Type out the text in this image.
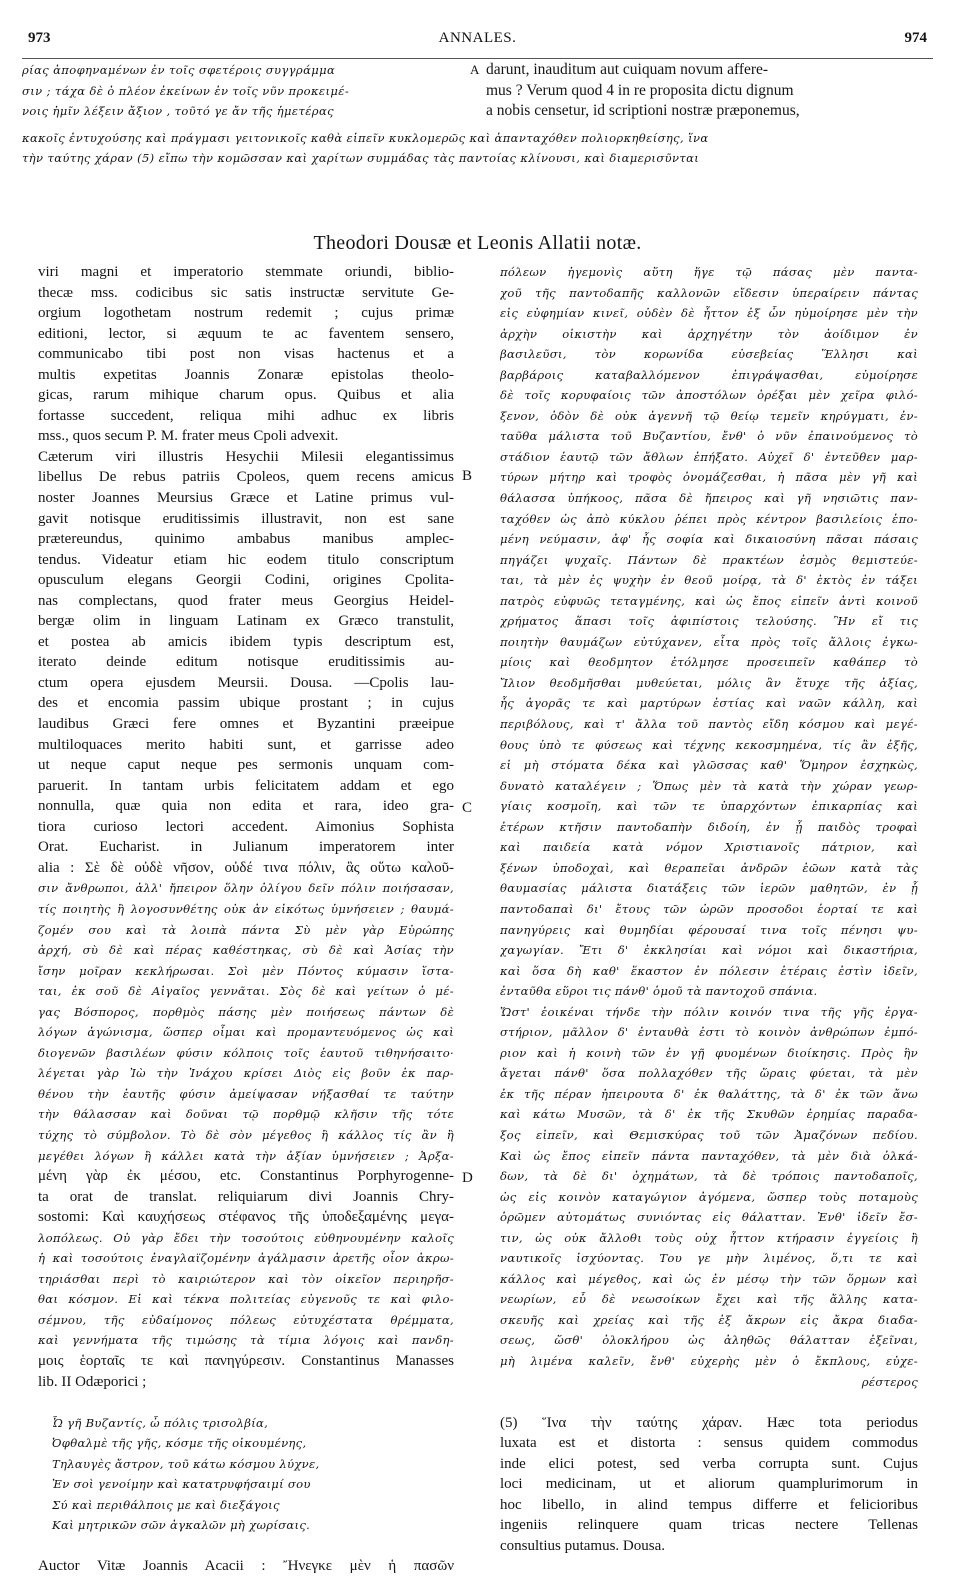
973	ANNALES.	974
ρίας ἀποφηναμένων ἐν τοῖς σφετέροις συγγράμμα	A darunt, inauditum aut cuiquam novum affere-
σιν ; τάχα δὲ ὁ πλέον ἐκείνων ἐν τοῖς νῦν προκειμέ-	mus ? Verum quod 4 in re proposita dictu dignum
νοις ἡμῖν λέξειν ἄξιον , τοῦτό γε ἄν τῆς ἡμετέρας	a nobis censetur, id scriptioni nostræ præponemus,
κακοῖς ἐντυχούσης καὶ πράγμασι γειτονικοῖς καθὰ εἰπεῖν κυκλομερῶς καὶ ἁπανταχόθεν πολιορκηθείσης, ἵνα
τὴν ταύτης χάραν (5) εἴπω τὴν κομῶσσαν καὶ χαρίτων συμμάδας τὰς παντοίας κλίνουσι, καὶ διαμερισῦνται
Theodori Dousæ et Leonis Allatii notæ.
viri magni et imperatorio stemmate oriundi, biblio-
thecæ mss. codicibus sic satis instructæ servitute Ge-
orgium logothetam nostrum redemit ; cujus primæ
editioni, lector, si æquum te ac faventem sensero,
communicabo tibi post non visas hactenus et a
multis expetitas Joannis Zonaræ epistolas theolo-
gicas, rarum mihique charum opus. Quibus et alia
fortasse succedent, reliqua mihi adhuc ex libris
mss., quos secum P. M. frater meus Cpoli advexit.
Cæterum viri illustris Hesychii Milesii elegantissimus
libellus De rebus patriis Cpoleos, quem recens amicus
noster Joannes Meursius Græce et Latine primus vul-
gavit notisque eruditissimis illustravit, non est sane
prætereundus, quinimo ambabus manibus amplec-
tendus. Videatur etiam hic eodem titulo conscriptum
opusculum elegans Georgii Codini, origines Cpolita-
nas complectans, quod frater meus Georgius Heidel-
bergæ olim in linguam Latinam ex Græco transtulit,
et postea ab amicis ibidem typis descriptum est,
iterato deinde editum notisque eruditissimis au-
ctum opera ejusdem Meursii. Dousa. —Cpolis lau-
des et encomia passim ubique prostant ; in cujus
laudibus Græci fere omnes et Byzantini præeipue
multiloquaces merito habiti sunt, et garrisse adeo
ut neque caput neque pes sermonis unquam com-
paruerit. In tantam urbis felicitatem addam et ego
nonnulla, quæ quia non edita et rara, ideo gra-
tiora curioso lectori accedent. Aimonius Sophista
Orat. Eucharist. in Julianum imperatorem inter
alia : Σὲ δὲ οὐδὲ νῆσον, οὐδέ τινα πόλιν, ἃς οὕτω καλοῦ-
σιν ἄνθρωποι, ἀλλ' ἤπειρον ὅλην ὀλίγου δεῖν πόλιν ποιήσασαν,
τίς ποιητὴς ἢ λογοσυνθέτης οὐκ ἀν εἰκότως ὑμνήσειεν ; θαυμά-
ζομέν σου καὶ τὰ λοιπὰ πάντα Σὺ μὲν γὰρ Εὐρώπης
ἀρχή, σὺ δὲ καὶ πέρας καθέστηκας, σὺ δὲ καὶ Ἀσίας τὴν
ἴσην μοῖραν κεκλήρωσαι. Σοὶ μὲν Πόντος κύμασιν ἵστα-
ται, ἐκ σοῦ δὲ Αἰγαῖος γεννᾶται. Σὸς δὲ καὶ γείτων ὁ μέ-
γας Βόσπορος, πορθμὸς πάσης μὲν ποιήσεως πάντων δὲ
λόγων ἀγώνισμα, ὥσπερ οἶμαι καὶ προμαντευόμενος ὡς καὶ
διογενῶν βασιλέων φύσιν κόλποις τοῖς ἑαυτοῦ τιθηνήσαιτο·
λέγεται γὰρ Ἰὼ τὴν Ἰνάχου κρίσει Διὸς εἰς βοῦν ἐκ παρ-
θένου τὴν ἑαυτῆς φύσιν ἀμείψασαν νήξασθαί τε ταύτην
τὴν θάλασσαν καὶ δοῦναι τῷ πορθμῷ κλῆσιν τῆς τότε
τύχης τὸ σύμβολον. Τὸ δὲ σὸν μέγεθος ἢ κάλλος τίς ἂν ἢ
μεγέθει λόγων ἢ κάλλει κατὰ τὴν ἀξίαν ὑμνήσειεν ; Ἀρξα-
μένη γὰρ ἐκ μέσου, etc. Constantinus Porphyrogenne-
ta orat de translat. reliquiarum divi Joannis Chry-
sostomi: Καὶ καυχήσεως στέφανος τῆς ὑποδεξαμένης μεγα-
λοπόλεως. Οὐ γὰρ ἔδει τὴν τοσούτοις εὐθηνουμένην καλοῖς
ἡ καὶ τοσούτοις ἐναγλαϊζομένην ἀγάλμασιν ἀρετῆς οἶον ἀκρω-
τηριάσθαι περὶ τὸ καιριώτερον καὶ τὸν οἰκεῖον περιηρῆσ-
θαι κόσμον. Εἰ καὶ τέκνα πολιτείας εὐγενοῦς τε καὶ φιλο-
σέμνου, τῆς εὐδαίμονος πόλεως εὐτυχέστατα θρέμματα,
καὶ γεννήματα τῆς τιμώσης τὰ τίμια λόγοις καὶ πανδη-
μοις ἑορταῖς τε καὶ πανηγύρεσιν. Constantinus Manasses
lib. II Odæporici ;
Ὦ γῆ Βυζαντίς, ὦ πόλις τρισολβία,
Ὀφθαλμὲ τῆς γῆς, κόσμε τῆς οἰκουμένης,
Τηλαυγὲς ἄστρον, τοῦ κάτω κόσμου λύχνε,
Ἐν σοὶ γενοίμην καὶ κατατρυφήσαιμί σου
Σύ καὶ περιθάλποις με καὶ διεξάγοις
Καὶ μητρικῶν σῶν ἀγκαλῶν μὴ χωρίσαις.
Auctor Vitæ Joannis Acacii : Ἤνεγκε μὲν ἡ πασῶν
πόλεων ἡγεμονὶς αὕτη ἥγε τῷ πάσας μὲν παντα-
χοῦ τῆς παντοδαπῆς καλλονῶν εἴδεσιν ὑπεραίρειν πάντας
εἰς εὐφημίαν κινεῖ, οὐδὲν δὲ ἧττον ἐξ ὧν ηὐμοίρησε μὲν τὴν
ἀρχὴν οἰκιστὴν καὶ ἀρχηγέτην τὸν ἀοίδιμον ἐν
βασιλεῦσι, τὸν κορωνίδα εὐσεβείας Ἕλλησι καὶ
βαρβάροις καταβαλλόμενον ἐπιγράψασθαι, εὐμοίρησε
δὲ τοῖς κορυφαίοις τῶν ἀποστόλων ὀρέξαι μὲν χεῖρα φιλό-
ξενον, ὁδὸν δὲ οὐκ ἀγεννῆ τῷ θείῳ τεμεῖν κηρύγματι, ἐν-
ταῦθα μάλιστα τοῦ Βυζαντίου, ἔνθ' ὁ νῦν ἐπαινούμενος τὸ
στάδιον ἑαυτῷ τῶν ἄθλων ἐπήξατο. Αὐχεῖ δ' ἐντεῦθεν μαρ-
τύρων μήτηρ καὶ τροφὸς ὀνομάζεσθαι, ἡ πᾶσα μὲν γῆ καὶ
θάλασσα ὑπήκοος, πᾶσα δὲ ἤπειρος καὶ γῆ νησιῶτις παν-
ταχόθεν ὡς ἀπὸ κύκλου ῥέπει πρὸς κέντρον βασιλείοις ἑπο-
μένη νεύμασιν, ἀφ' ἧς σοφία καὶ δικαιοσύνη πᾶσαι πάσαις
πηγάζει ψυχαῖς. Πάντων δὲ πρακτέων ἐσμὸς θεμιστεύε-
ται, τὰ μὲν ἐς ψυχὴν ἐν θεοῦ μοίρᾳ, τὰ δ' ἐκτὸς ἐν τάξει
πατρὸς εὐφυῶς τεταγμένης, καὶ ὡς ἔπος εἰπεῖν ἀντὶ κοινοῦ
χρήματος ἅπασι τοῖς ἀφιπίστοις τελούσης. Ἣν εἴ τις
ποιητὴν θαυμάζων εὐτύχανεν, εἶτα πρὸς τοῖς ἄλλοις ἐγκω-
μίοις καὶ θεοδμητον ἐτόλμησε προσειπεῖν καθάπερ τὸ
Ἴλιον θεοδμῆσθαι μυθεύεται, μόλις ἂν ἔτυχε τῆς ἀξίας,
ἧς ἀγορᾶς τε καὶ μαρτύρων ἑστίας καὶ ναῶν κάλλη, καὶ
περιβόλους, καὶ τ' ἄλλα τοῦ παντὸς εἴδη κόσμου καὶ μεγέ-
θους ὑπὸ τε φύσεως καὶ τέχνης κεκοσμημένα, τίς ἂν ἐξῆς,
εἰ μὴ στόματα δέκα καὶ γλῶσσας καθ' Ὅμηρον ἐσχηκὼς,
δυνατὸ καταλέγειν ; Ὅπως μὲν τὰ κατὰ τὴν χώραν γεωρ-
γίαις κοσμοῖη, καὶ τῶν τε ὑπαρχόντων ἐπικαρπίας καὶ
ἐτέρων κτῆσιν παντοδαπὴν διδοίη, ἐν ᾗ παιδὸς τροφαὶ
καὶ παιδεία κατὰ νόμον Χριστιανοῖς πάτριον, καὶ
ξένων ὑποδοχαὶ, καὶ θεραπεῖαι ἀνδρῶν ἐῶων κατὰ τὰς
θαυμασίας μάλιστα διατάξεις τῶν ἱερῶν μαθητῶν, ἐν ᾗ
παντοδαπαὶ δι' ἔτους τῶν ὡρῶν προσοδοι ἑορταί τε καὶ
πανηγύρεις καὶ θυμηδίαι φέρουσαί τινα τοῖς πένησι ψυ-
χαγωγίαν. Ἔτι δ' ἐκκλησίαι καὶ νόμοι καὶ δικαστήρια,
καὶ ὅσα δὴ καθ' ἕκαστον ἐν πόλεσιν ἑτέραις ἐστὶν ἰδεῖν,
ἐνταῦθα εὕροι τις πάνθ' ὁμοῦ τὰ παντοχοῦ σπάνια.
Ὥστ' ἐοικέναι τήνδε τὴν πόλιν κοινόν τινα τῆς γῆς ἐργα-
στήριον, μᾶλλον δ' ἐνταυθὰ ἐστι τὸ κοινὸν ἀνθρώπων ἐμπό-
ριον καὶ ἡ κοινὴ τῶν ἐν γῇ φυομένων διοίκησις. Πρὸς ἣν
ἄγεται πάνθ' ὅσα πολλαχόθεν τῆς ὥραις φύεται, τὰ μὲν
ἐκ τῆς πέραν ἠπειρουτα δ' ἐκ θαλάττης, τὰ δ' ἐκ τῶν ἄνω
καὶ κάτω Μυσῶν, τὰ δ' ἐκ τῆς Σκυθῶν ἐρημίας παραδα-
ξος εἰπεῖν, καὶ Θεμισκύρας τοῦ τῶν Ἀμαζόνων πεδίου.
Καὶ ὡς ἔπος εἰπεῖν πάντα πανταχόθεν, τὰ μὲν διὰ ὁλκά-
δων, τὰ δὲ δι' ὀχημάτων, τὰ δὲ τρόποις παντοδαποῖς,
ὡς εἰς κοινὸν καταγώγιον ἀγόμενα, ὥσπερ τοὺς ποταμοὺς
ὁρῶμεν αὐτομάτως συνιόντας εἰς θάλατταν. Ἐνθ' ἰδεῖν ἔσ-
τιν, ὡς οὐκ ἄλλοθι τοὺς οὐχ ἧττον κτήρασιν ἐγγείοις ἢ
ναυτικοῖς ἰσχύοντας. Του γε μὴν λιμένος, ὅ,τι τε καὶ
κάλλος καὶ μέγεθος, καὶ ὡς ἐν μέσῳ τὴν τῶν ὅρμων καὶ
νεωρίων, εὖ δὲ νεωσοίκων ἔχει καὶ τῆς ἄλλης κατα-
σκευῆς καὶ χρείας καὶ τῆς ἐξ ἄκρων εἰς ἄκρα διαδα-
σεως, ὥσθ' ὁλοκλήρου ὡς ἀληθῶς θάλατταν ἐξεῖναι,
μὴ λιμένα καλεῖν, ἔνθ' εὐχερὴς μὲν ὁ ἔκπλους, εὐχε-
ρέστερος
(5) Ἵνα τὴν ταύτης χάραν. Hæc tota periodus
luxata est et distorta : sensus quidem commodus
inde elici potest, sed verba corrupta sunt. Cujus
loci medicinam, ut et aliorum quamplurimorum in
hoc libello, in alind tempus differre et felicioribus
ingeniis relinquere quam tricas nectere Tellenas
consultius putamus. Dousa.
B
C
D
